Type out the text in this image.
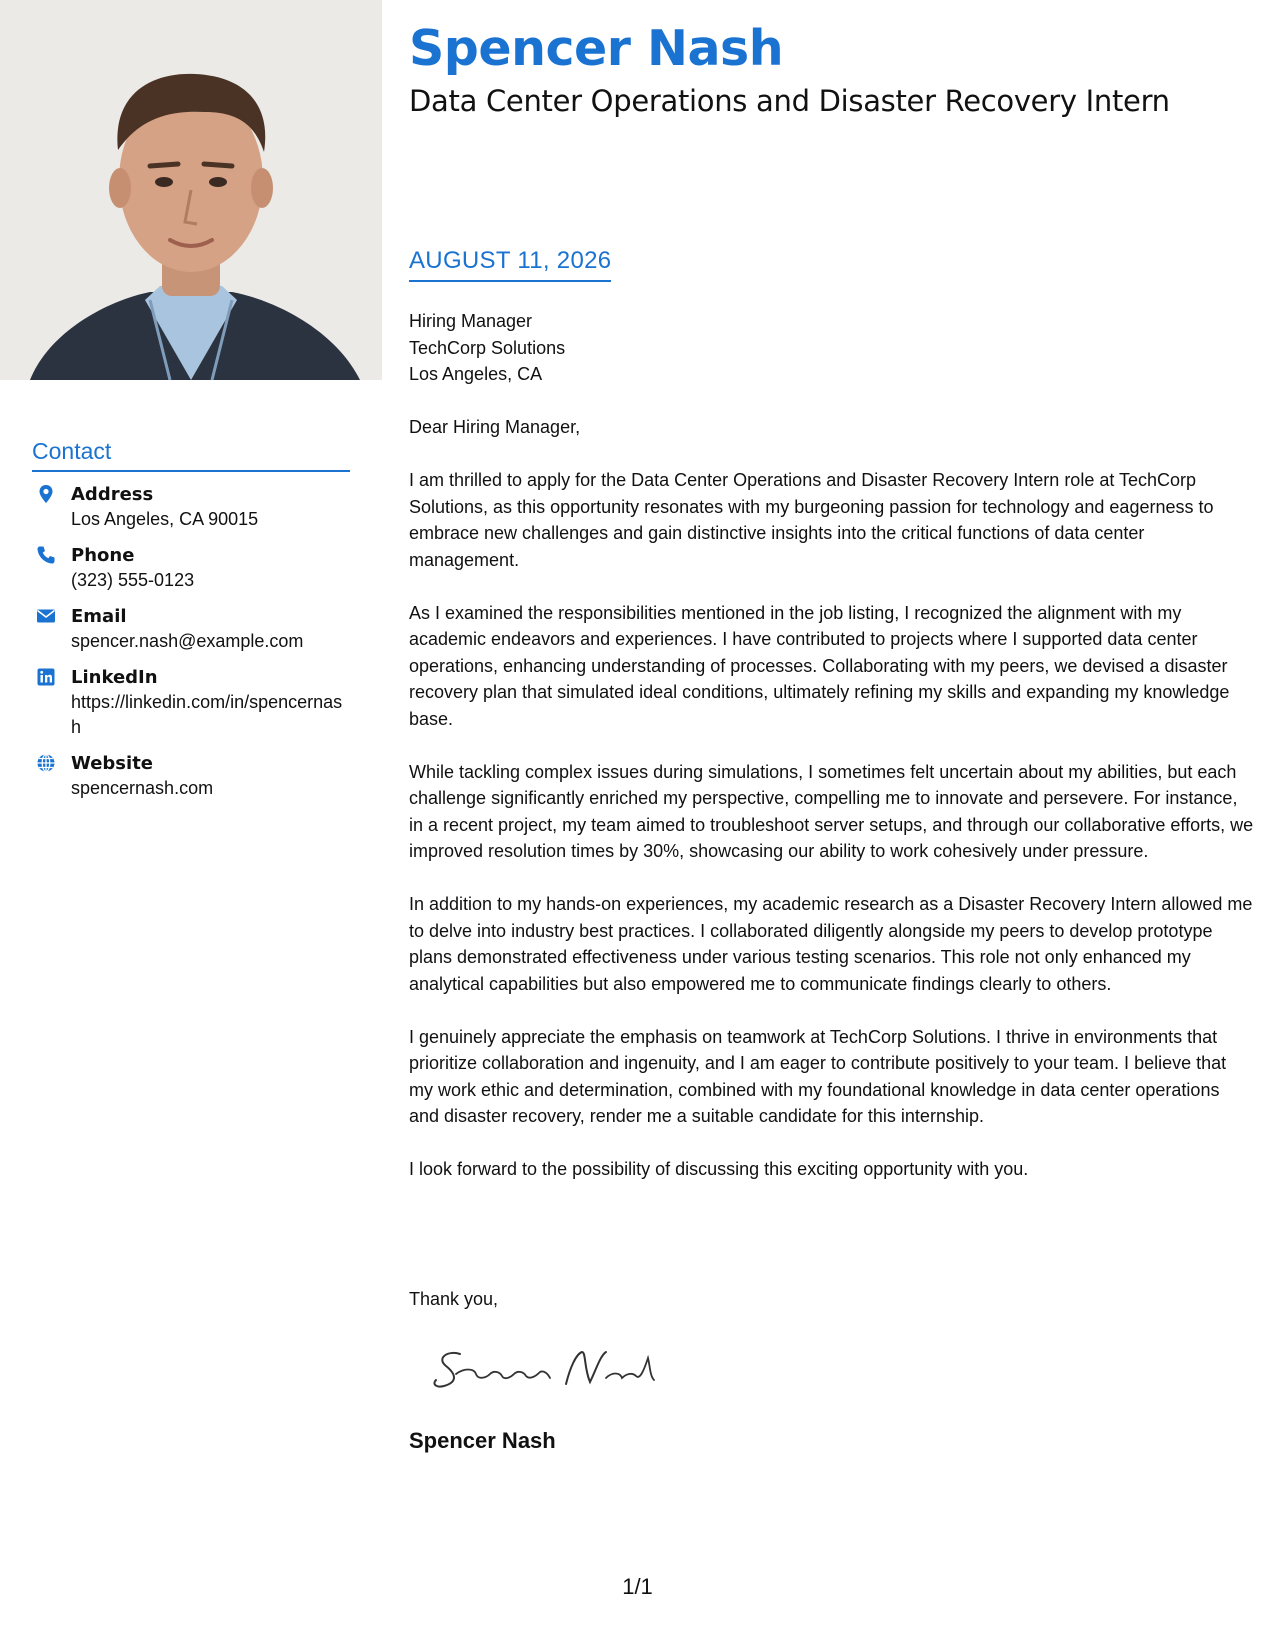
Spencer Nash
Data Center Operations and Disaster Recovery Intern
Contact
Address
Los Angeles, CA 90015
Phone
(323) 555-0123
Email
spencer.nash@example.com
LinkedIn
https://linkedin.com/in/spencernash
Website
spencernash.com
AUGUST 11, 2026
Hiring Manager
TechCorp Solutions
Los Angeles, CA

Dear Hiring Manager,

I am thrilled to apply for the Data Center Operations and Disaster Recovery Intern role at TechCorp Solutions, as this opportunity resonates with my burgeoning passion for technology and eagerness to embrace new challenges and gain distinctive insights into the critical functions of data center management.

As I examined the responsibilities mentioned in the job listing, I recognized the alignment with my academic endeavors and experiences. I have contributed to projects where I supported data center operations, enhancing understanding of processes. Collaborating with my peers, we devised a disaster recovery plan that simulated ideal conditions, ultimately refining my skills and expanding my knowledge base.

While tackling complex issues during simulations, I sometimes felt uncertain about my abilities, but each challenge significantly enriched my perspective, compelling me to innovate and persevere. For instance, in a recent project, my team aimed to troubleshoot server setups, and through our collaborative efforts, we improved resolution times by 30%, showcasing our ability to work cohesively under pressure.

In addition to my hands-on experiences, my academic research as a Disaster Recovery Intern allowed me to delve into industry best practices. I collaborated diligently alongside my peers to develop prototype plans demonstrated effectiveness under various testing scenarios. This role not only enhanced my analytical capabilities but also empowered me to communicate findings clearly to others.

I genuinely appreciate the emphasis on teamwork at TechCorp Solutions. I thrive in environments that prioritize collaboration and ingenuity, and I am eager to contribute positively to your team. I believe that my work ethic and determination, combined with my foundational knowledge in data center operations and disaster recovery, render me a suitable candidate for this internship.

I look forward to the possibility of discussing this exciting opportunity with you.

Thank you,
Spencer Nash
1/1
